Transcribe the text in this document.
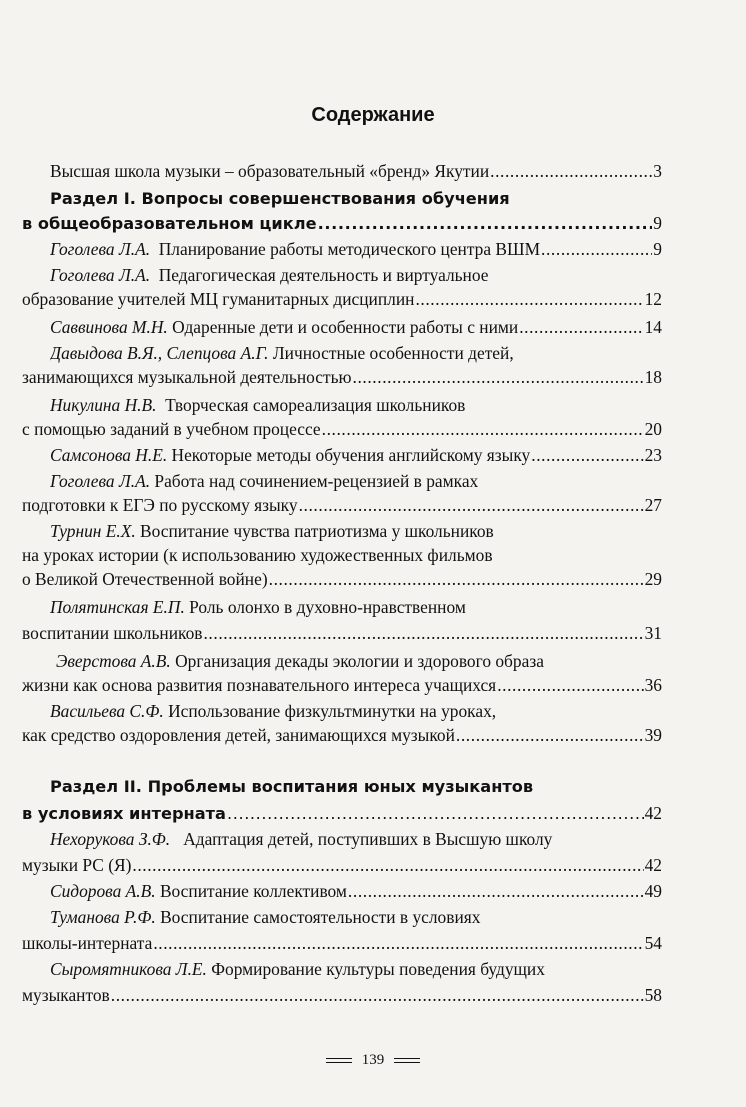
Содержание
Высшая школа музыки – образовательный «бренд» Якутии .....	3
Раздел I. Вопросы совершенствования обучения
в общеобразовательном цикле .....	9
Гоголева Л.А. Планирование работы методического центра ВШМ .....	9
Гоголева Л.А. Педагогическая деятельность и виртуальное
образование учителей МЦ гуманитарных дисциплин .....	12
Саввинова М.Н. Одаренные дети и особенности работы с ними .....	14
Давыдова В.Я., Слепцова А.Г. Личностные особенности детей,
занимающихся музыкальной деятельностью .....	18
Никулина Н.В. Творческая самореализация школьников
с помощью заданий в учебном процессе .....	20
Самсонова Н.Е. Некоторые методы обучения английскому языку .....	23
Гоголева Л.А. Работа над сочинением-рецензией в рамках
подготовки к ЕГЭ по русскому языку .....	27
Турнин Е.Х. Воспитание чувства патриотизма у школьников
на уроках истории (к использованию художественных фильмов
о Великой Отечественной войне) .....	29
Полятинская Е.П. Роль олонхо в духовно-нравственном
воспитании школьников .....	31
Эверстова А.В. Организация декады экологии и здорового образа
жизни как основа развития познавательного интереса учащихся .....	36
Васильева С.Ф. Использование физкультминутки на уроках,
как средство оздоровления детей, занимающихся музыкой .....	39
Раздел II. Проблемы воспитания юных музыкантов
в условиях интерната .....	42
Нехорукова З.Ф. Адаптация детей, поступивших в Высшую школу
музыки РС (Я) .....	42
Сидорова А.В. Воспитание коллективом .....	49
Туманова Р.Ф. Воспитание самостоятельности в условиях
школы-интерната .....	54
Сыромятникова Л.Е. Формирование культуры поведения будущих
музыкантов .....	58
139
